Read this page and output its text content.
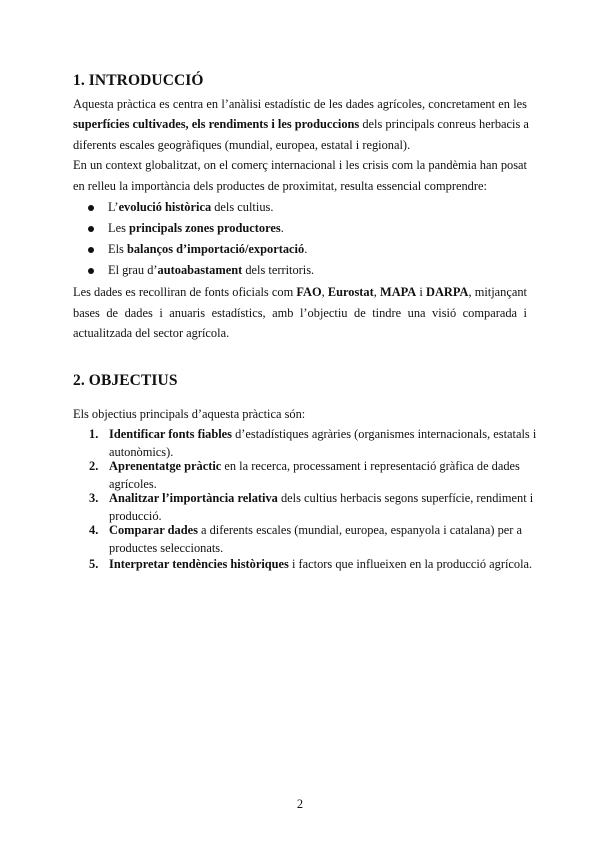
1. INTRODUCCIÓ

Aquesta pràctica es centra en l’anàlisi estadístic de les dades agrícoles, concretament en les

superfícies cultivades, els rendiments i les produccions dels principals conreus herbacis a

diferents escales geogràfiques (mundial, europea, estatal i regional).

En un context globalitzat, on el comerç internacional i les crisis com la pandèmia han posat

en relleu la importància dels productes de proximitat, resulta essencial comprendre:

L’evolució històrica dels cultius.

Les principals zones productores.

Els balanços d’importació/exportació.

El grau d’autoabastament dels territoris.

Les dades es recolliran de fonts oficials com FAO, Eurostat, MAPA i DARPA, mitjançant

bases de dades i anuaris estadístics, amb l’objectiu de tindre una visió comparada i

actualitzada del sector agrícola.

2. OBJECTIUS

Els objectius principals d’aquesta pràctica són:

1. Identificar fonts fiables d’estadístiques agràries (organismes internacionals, estatals i

autonòmics).

2. Aprenentatge pràctic en la recerca, processament i representació gràfica de dades

agrícoles.

3. Analitzar l’importància relativa dels cultius herbacis segons superfície, rendiment i

producció.

4. Comparar dades a diferents escales (mundial, europea, espanyola i catalana) per a

productes seleccionats.

5. Interpretar tendències històriques i factors que influeixen en la producció agrícola.

2
